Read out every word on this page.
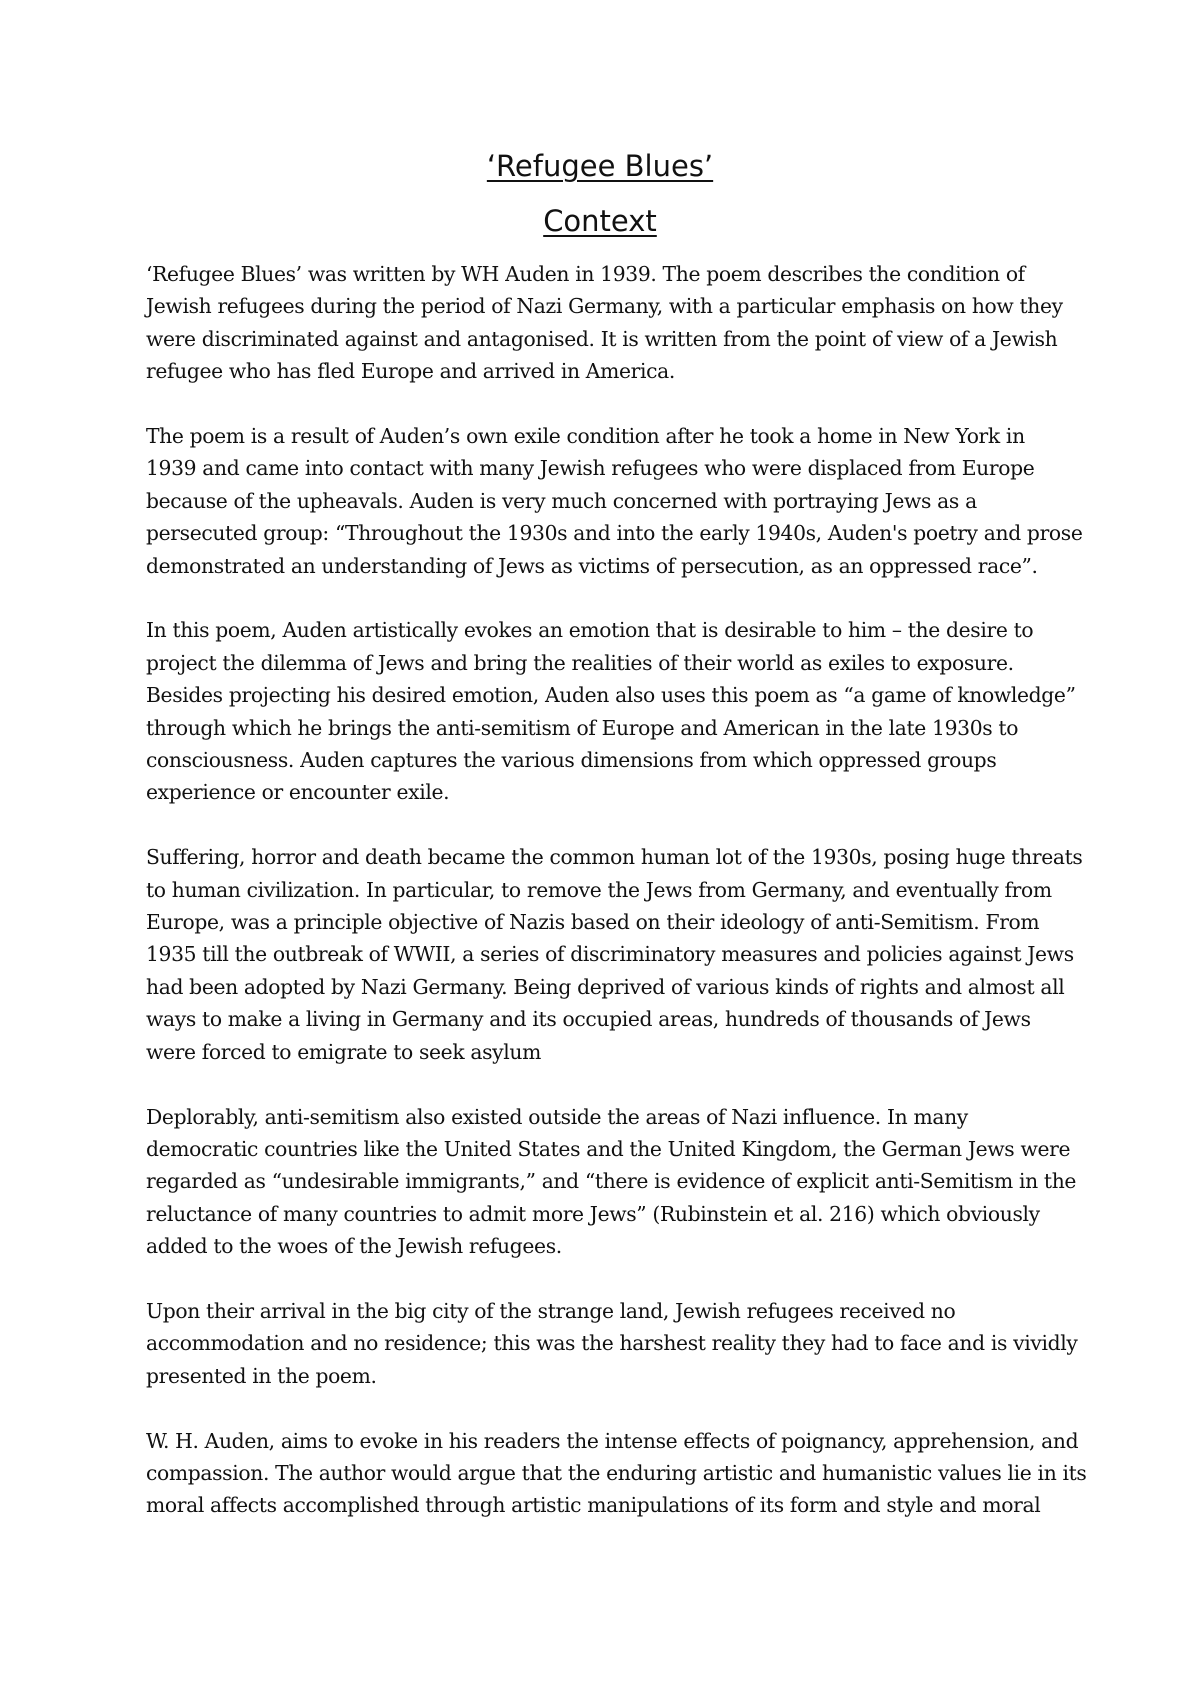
‘Refugee Blues’
Context

‘Refugee Blues’ was written by WH Auden in 1939. The poem describes the condition of
Jewish refugees during the period of Nazi Germany, with a particular emphasis on how they
were discriminated against and antagonised. It is written from the point of view of a Jewish
refugee who has fled Europe and arrived in America.

The poem is a result of Auden’s own exile condition after he took a home in New York in
1939 and came into contact with many Jewish refugees who were displaced from Europe
because of the upheavals. Auden is very much concerned with portraying Jews as a
persecuted group: “Throughout the 1930s and into the early 1940s, Auden's poetry and prose
demonstrated an understanding of Jews as victims of persecution, as an oppressed race”.

In this poem, Auden artistically evokes an emotion that is desirable to him – the desire to
project the dilemma of Jews and bring the realities of their world as exiles to exposure.
Besides projecting his desired emotion, Auden also uses this poem as “a game of knowledge”
through which he brings the anti-semitism of Europe and American in the late 1930s to
consciousness. Auden captures the various dimensions from which oppressed groups
experience or encounter exile.

Suffering, horror and death became the common human lot of the 1930s, posing huge threats
to human civilization. In particular, to remove the Jews from Germany, and eventually from
Europe, was a principle objective of Nazis based on their ideology of anti-Semitism. From
1935 till the outbreak of WWII, a series of discriminatory measures and policies against Jews
had been adopted by Nazi Germany. Being deprived of various kinds of rights and almost all
ways to make a living in Germany and its occupied areas, hundreds of thousands of Jews
were forced to emigrate to seek asylum

Deplorably, anti-semitism also existed outside the areas of Nazi influence. In many
democratic countries like the United States and the United Kingdom, the German Jews were
regarded as “undesirable immigrants,” and “there is evidence of explicit anti-Semitism in the
reluctance of many countries to admit more Jews” (Rubinstein et al. 216) which obviously
added to the woes of the Jewish refugees.

Upon their arrival in the big city of the strange land, Jewish refugees received no
accommodation and no residence; this was the harshest reality they had to face and is vividly
presented in the poem.

W. H. Auden, aims to evoke in his readers the intense effects of poignancy, apprehension, and
compassion. The author would argue that the enduring artistic and humanistic values lie in its
moral affects accomplished through artistic manipulations of its form and style and moral
